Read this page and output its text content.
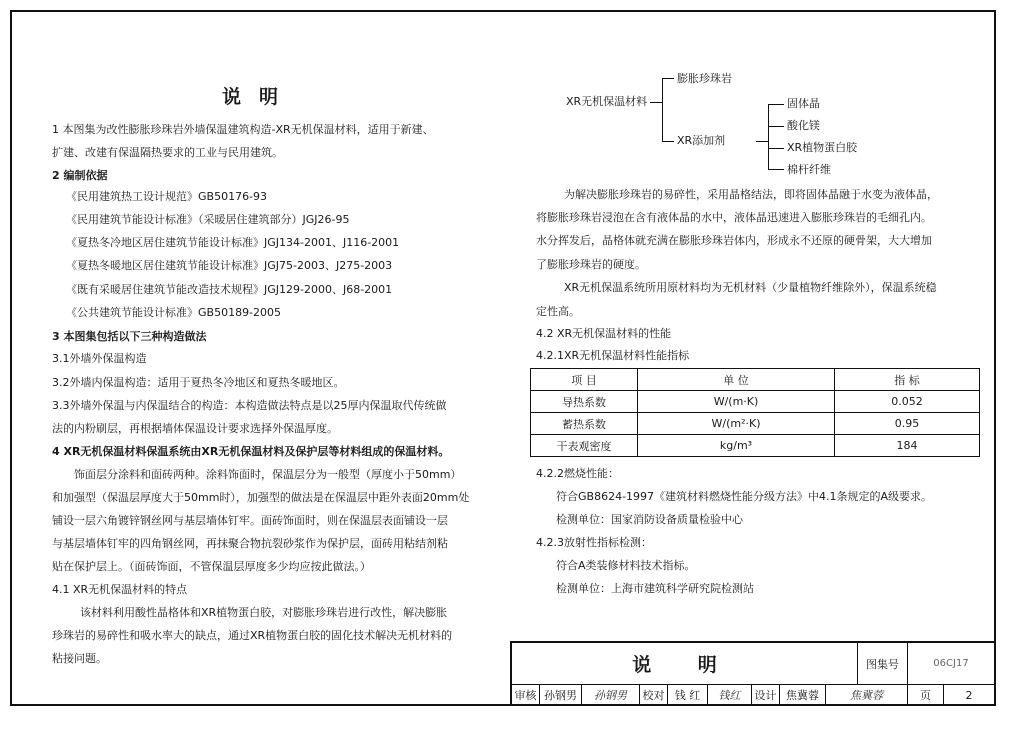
说明
1 本图集为改性膨胀珍珠岩外墙保温建筑构造-XR无机保温材料，适用于新建、
扩建、改建有保温隔热要求的工业与民用建筑。
2 编制依据
《民用建筑热工设计规范》GB50176-93
《民用建筑节能设计标准》（采暖居住建筑部分）JGJ26-95
《夏热冬冷地区居住建筑节能设计标准》JGJ134-2001、J116-2001
《夏热冬暖地区居住建筑节能设计标准》JGJ75-2003、J275-2003
《既有采暖居住建筑节能改造技术规程》JGJ129-2000、J68-2001
《公共建筑节能设计标准》GB50189-2005
3 本图集包括以下三种构造做法
3.1外墙外保温构造
3.2外墙内保温构造：适用于夏热冬冷地区和夏热冬暖地区。
3.3外墙外保温与内保温结合的构造：本构造做法特点是以25厚内保温取代传统做
法的内粉刷层，再根据墙体保温设计要求选择外保温厚度。
4 XR无机保温材料保温系统由XR无机保温材料及保护层等材料组成的保温材料。
饰面层分涂料和面砖两种。涂料饰面时，保温层分为一般型（厚度小于50mm）
和加强型（保温层厚度大于50mm时），加强型的做法是在保温层中距外表面20mm处
铺设一层六角镀锌钢丝网与基层墙体钉牢。面砖饰面时，则在保温层表面铺设一层
与基层墙体钉牢的四角钢丝网，再抹聚合物抗裂砂浆作为保护层，面砖用粘结剂粘
贴在保护层上。（面砖饰面，不管保温层厚度多少均应按此做法。）
4.1 XR无机保温材料的特点
该材料利用酸性晶格体和XR植物蛋白胶，对膨胀珍珠岩进行改性，解决膨胀
珍珠岩的易碎性和吸水率大的缺点，通过XR植物蛋白胶的固化技术解决无机材料的
粘接问题。
XR无机保温材料
膨胀珍珠岩
XR添加剂
固体晶
酸化镁
XR植物蛋白胶
棉杆纤维
为解决膨胀珍珠岩的易碎性，采用晶格结法，即将固体晶融于水变为液体晶，
将膨胀珍珠岩浸泡在含有液体晶的水中，液体晶迅速进入膨胀珍珠岩的毛细孔内。
水分挥发后，晶格体就充满在膨胀珍珠岩体内，形成永不还原的硬骨架，大大增加
了膨胀珍珠岩的硬度。
XR无机保温系统所用原材料均为无机材料（少量植物纤维除外），保温系统稳
定性高。
4.2 XR无机保温材料的性能
4.2.1XR无机保温材料性能指标
项 目	单 位	指 标
导热系数	W/(m·K)	0.052
蓄热系数	W/(m²·K)	0.95
干表观密度	kg/m³	184
4.2.2燃烧性能：
符合GB8624-1997《建筑材料燃烧性能分级方法》中4.1条规定的A级要求。
检测单位：国家消防设备质量检验中心
4.2.3放射性指标检测：
符合A类装修材料技术指标。
检测单位：上海市建筑科学研究院检测站
说 明	图集号	06CJ17
审核 孙钢男	孙钢男	校对 钱 红	钱红	设计 焦冀蓉	焦冀蓉	页	2
